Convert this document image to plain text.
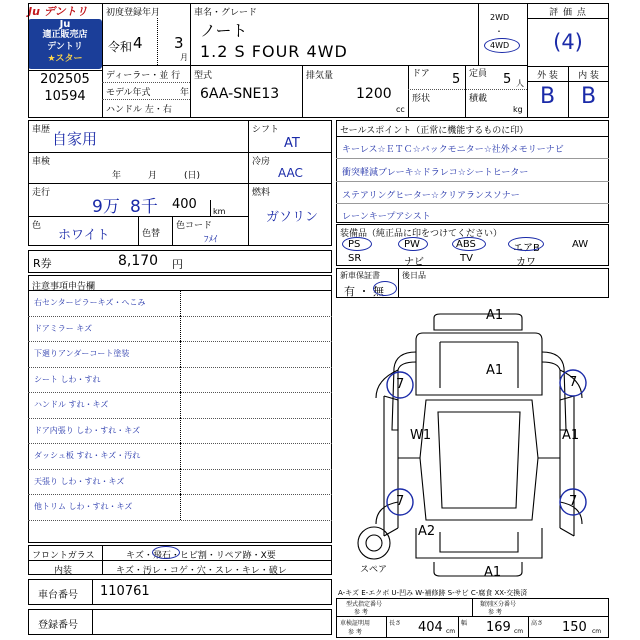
Ju デントリ
Ju
適正販売店
デントリ
★スター
202505
10594
初度登録年月
令和 4 3
月
ディーラー・並 行
モデル年式	年
ハンドル 左・右
車名・グレード
ノート
1.2 S FOUR 4WD
2WD
・
4WD
型式
6AA-SNE13
排気量
1200
cc
ドア 5
形状
定員 5 人
積載
kg
評 価 点
(4)
外 装	内 装
B	B
車歴 自家用
車検
年　　　月　　　(日)
走行
9万 8千 400 km
色
ホワイト	色替
色コード
ﾌﾒｲ
シフト
AT
冷房
AAC
燃料
ガソリン
R券	8,170 円
セールスポイント（正常に機能するものに印）
キーレス☆ＥＴＣ☆バックモニター☆社外メモリーナビ
衝突軽減ブレーキ☆ドラレコ☆シートヒーター
ステアリングヒーター☆クリアランスソナー
レーンキープアシスト
装備品（純正品に印をつけてください）
PS	PW	ABS	エアB	AW
SR	ナビ	TV	カワ
新車保証書	後日品
有 ・ 無
注意事項申告欄
右センターピラーキズ・へこみ
ドアミラー キズ
下廻りアンダーコート塗装
シート しわ・すれ
ハンドル すれ・キズ
ドア内張り しわ・すれ・キズ
ダッシュ板 すれ・キズ・汚れ
天張り しわ・すれ・キズ
他トリム しわ・すれ・キズ
フロントガラス	キズ・飛石・ヒビ割・リペア跡・X要
内装	キズ・汚レ・コゲ・穴・スレ・キレ・破レ
車台番号 110761
登録番号
A1
A1
7	7
W1	A1
7	7
A2
A1
スペア
A-キズ E-エクボ U-凹み W-補修跡 S-サビ C-腐食 XX-交換済
型式指定番号
参 考
類別区分番号
参 考
車検証明用
参 考
長さ 404 cm
幅 169 cm
高さ 150 cm
